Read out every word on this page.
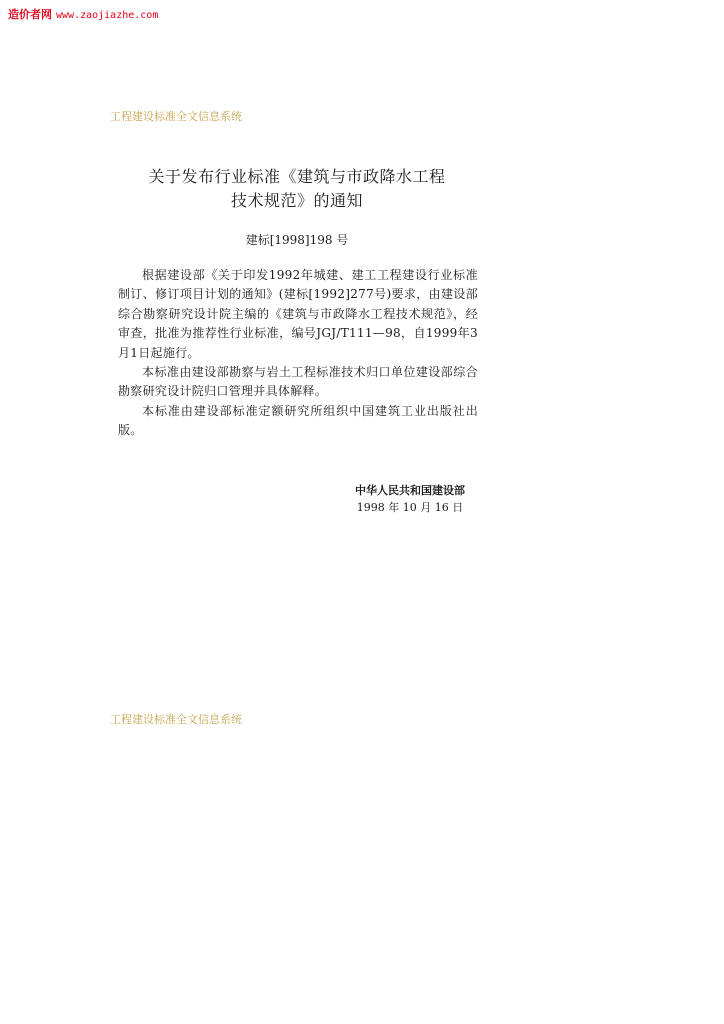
造价者网 www.zaojiazhe.com
工程建设标准全文信息系统
关于发布行业标准《建筑与市政降水工程
技术规范》的通知
建标[1998]198 号

根据建设部《关于印发1992年城建、建工工程建设行业标准制订、修订项目计划的通知》(建标[1992]277号)要求，由建设部综合勘察研究设计院主编的《建筑与市政降水工程技术规范》，经审查，批准为推荐性行业标准，编号JGJ/T111—98，自1999年3月1日起施行。

本标准由建设部勘察与岩土工程标准技术归口单位建设部综合勘察研究设计院归口管理并具体解释。

本标准由建设部标准定额研究所组织中国建筑工业出版社出版。

中华人民共和国建设部
1998 年 10 月 16 日
工程建设标准全文信息系统
